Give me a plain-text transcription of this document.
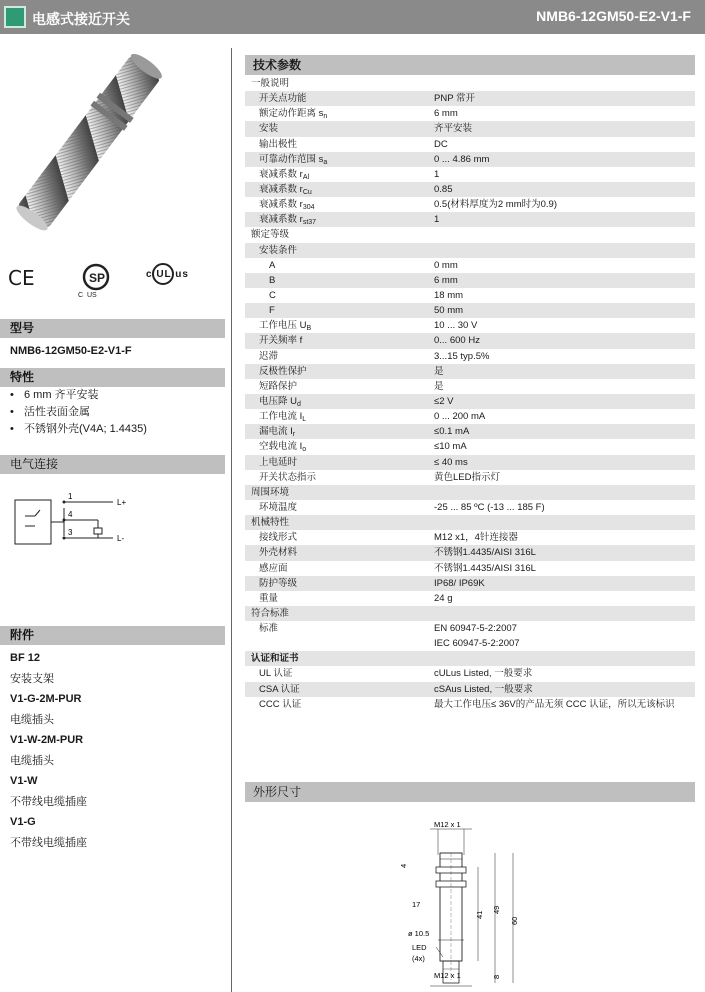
电感式接近开关	NMB6-12GM50-E2-V1-F
CE	SP
C  US
c UL us
型号
NMB6-12GM50-E2-V1-F
特性
• 6 mm 齐平安装
• 活性表面金属
• 不锈钢外壳(V4A; 1.4435)
电气连接
1
4
3
L+
L-
附件
BF 12
安装支架
V1-G-2M-PUR
电缆插头
V1-W-2M-PUR
电缆插头
V1-W
不带线电缆插座
V1-G
不带线电缆插座
技术参数
一般说明
开关点功能	PNP 常开
额定动作距离 $s_n$	6 mm
安装	齐平安装
输出极性	DC
可靠动作范围 $s_a$	0 ... 4.86 mm
衰减系数 $r_{Al}$	1
衰减系数 $r_{Cu}$	0.85
衰减系数 $r_{304}$	0.5(材料厚度为2 mm时为0.9)
衰减系数 $r_{st37}$	1
额定等级
安装条件
A	0 mm
B	6 mm
C	18 mm
F	50 mm
工作电压 $U_B$	10 ... 30 V
开关频率 f	0... 600 Hz
迟滞	3...15 typ.5%
反极性保护	是
短路保护	是
电压降 $U_d$	≤2 V
工作电流 $I_L$	0 ... 200 mA
漏电流 $I_r$	≤0.1 mA
空载电流 $I_o$	≤10 mA
上电延时	≤ 40 ms
开关状态指示	黄色LED指示灯
周围环境
环境温度	-25 ... 85 ºC (-13 ... 185 F)
机械特性
接线形式	M12 x1，4针连接器
外壳材料	不锈钢1.4435/AISI 316L
感应面	不锈钢1.4435/AISI 316L
防护等级	IP68/ IP69K
重量	24 g
符合标准
标准	EN 60947-5-2:2007
IEC 60947-5-2:2007
认证和证书
UL 认证	cULus Listed, 一般要求
CSA 认证	cSAus Listed, 一般要求
CCC 认证	最大工作电压≤ 36V的产品无须 CCC 认证，所以无该标识
外形尺寸
M12 x 1
4
17
ø 10.5
LED
(4x)
M12 x 1
41
49
60
8
